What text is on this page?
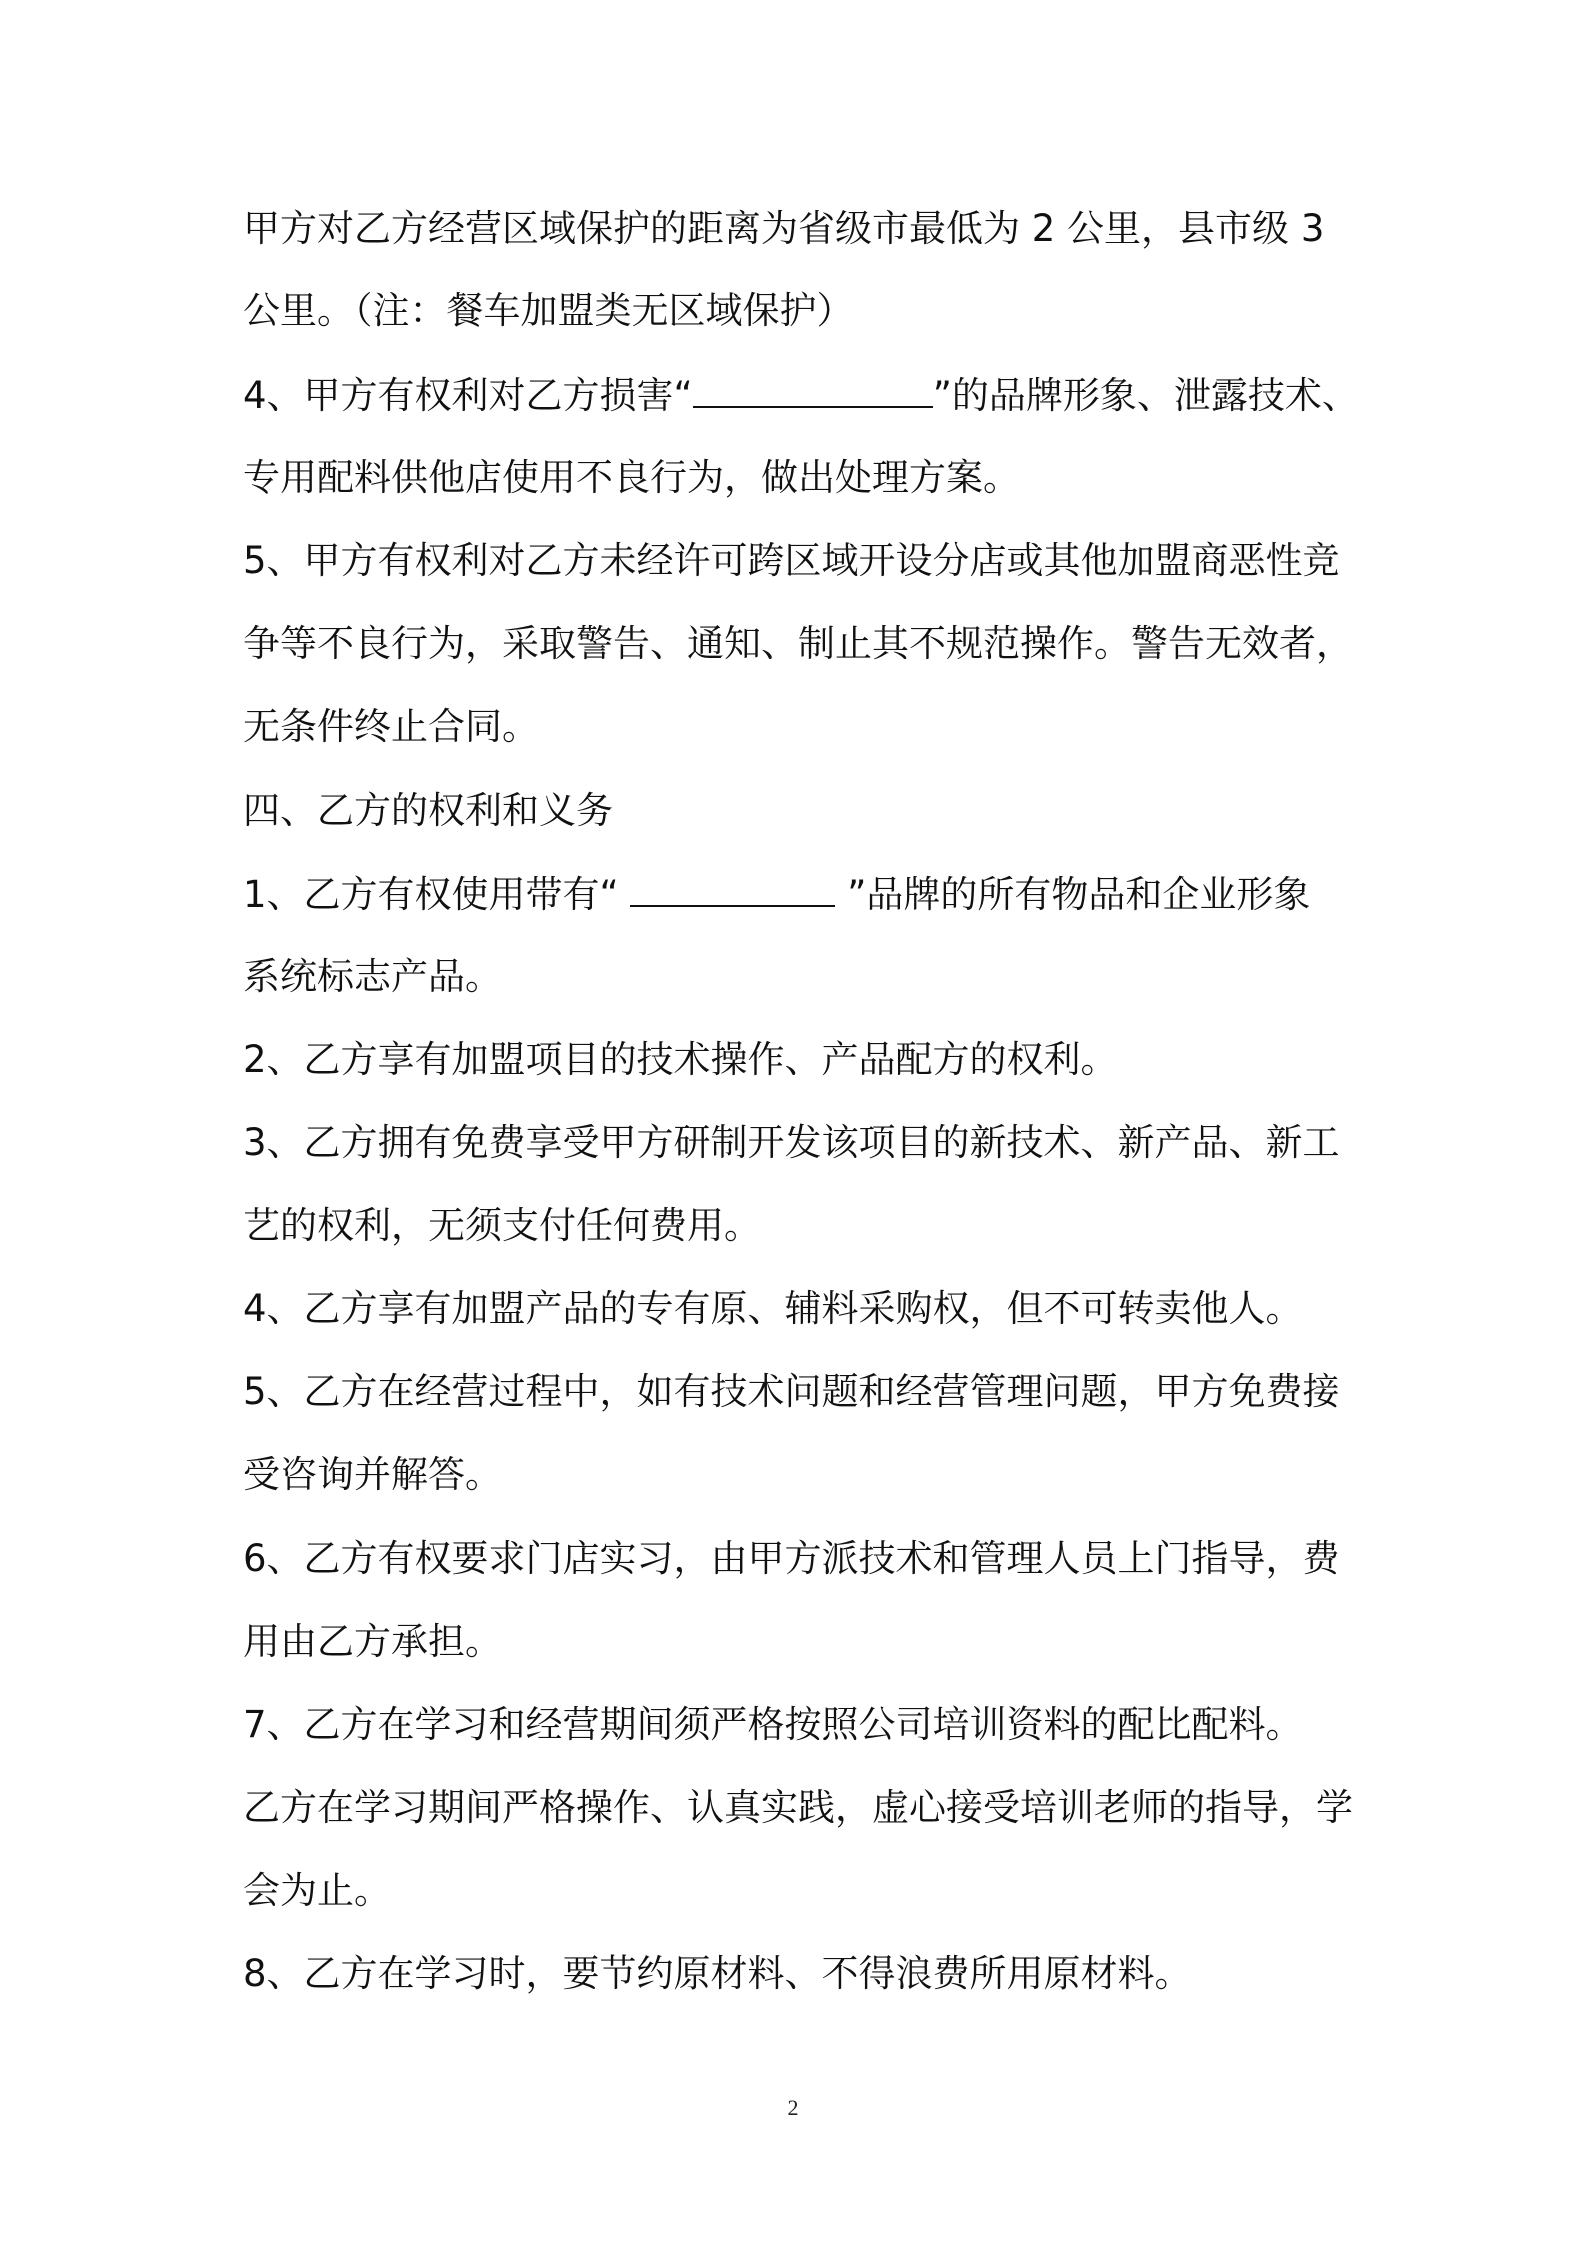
甲方对乙方经营区域保护的距离为省级市最低为 2 公里，县市级 3
公里。（注：餐车加盟类无区域保护）
4、甲方有权利对乙方损害“	”的品牌形象、泄露技术、
专用配料供他店使用不良行为，做出处理方案。
5、甲方有权利对乙方未经许可跨区域开设分店或其他加盟商恶性竞
争等不良行为，采取警告、通知、制止其不规范操作。警告无效者，
无条件终止合同。
四、乙方的权利和义务
1、乙方有权使用带有“	”品牌的所有物品和企业形象
系统标志产品。
2、乙方享有加盟项目的技术操作、产品配方的权利。
3、乙方拥有免费享受甲方研制开发该项目的新技术、新产品、新工
艺的权利，无须支付任何费用。
4、乙方享有加盟产品的专有原、辅料采购权，但不可转卖他人。
5、乙方在经营过程中，如有技术问题和经营管理问题，甲方免费接
受咨询并解答。
6、乙方有权要求门店实习，由甲方派技术和管理人员上门指导，费
用由乙方承担。
7、乙方在学习和经营期间须严格按照公司培训资料的配比配料。
乙方在学习期间严格操作、认真实践，虚心接受培训老师的指导，学
会为止。
8、乙方在学习时，要节约原材料、不得浪费所用原材料。
2
